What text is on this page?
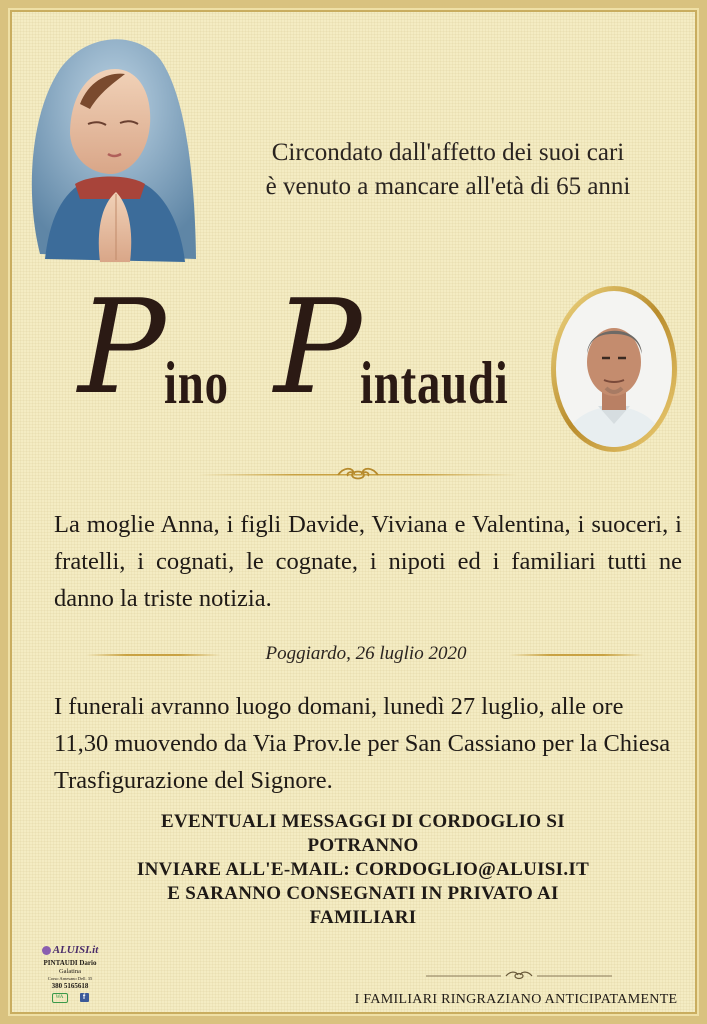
Circondato dall'affetto dei suoi cari
è venuto a mancare all'età di 65 anni
P
ino P
intaudi
La moglie Anna, i figli Davide, Viviana e Valentina, i suoceri, i fratelli, i cognati, le cognate, i nipoti ed i familiari tutti ne danno la triste notizia.
Poggiardo, 26 luglio 2020
I funerali avranno luogo domani, lunedì 27 luglio, alle ore 11,30 muovendo da Via Prov.le per San Cassiano per la Chiesa Trasfigurazione del Signore.
EVENTUALI MESSAGGI DI CORDOGLIO SI
POTRANNO
INVIARE ALL'E-MAIL: CORDOGLIO@ALUISI.IT
E SARANNO CONSEGNATI IN PRIVATO AI
FAMILIARI
ALUISI.it
PINTAUDI Dario
Galatina
Corso Arnesano Dell. 35
380 5165618
WA	f	I FAMILIARI RINGRAZIANO ANTICIPATAMENTE
